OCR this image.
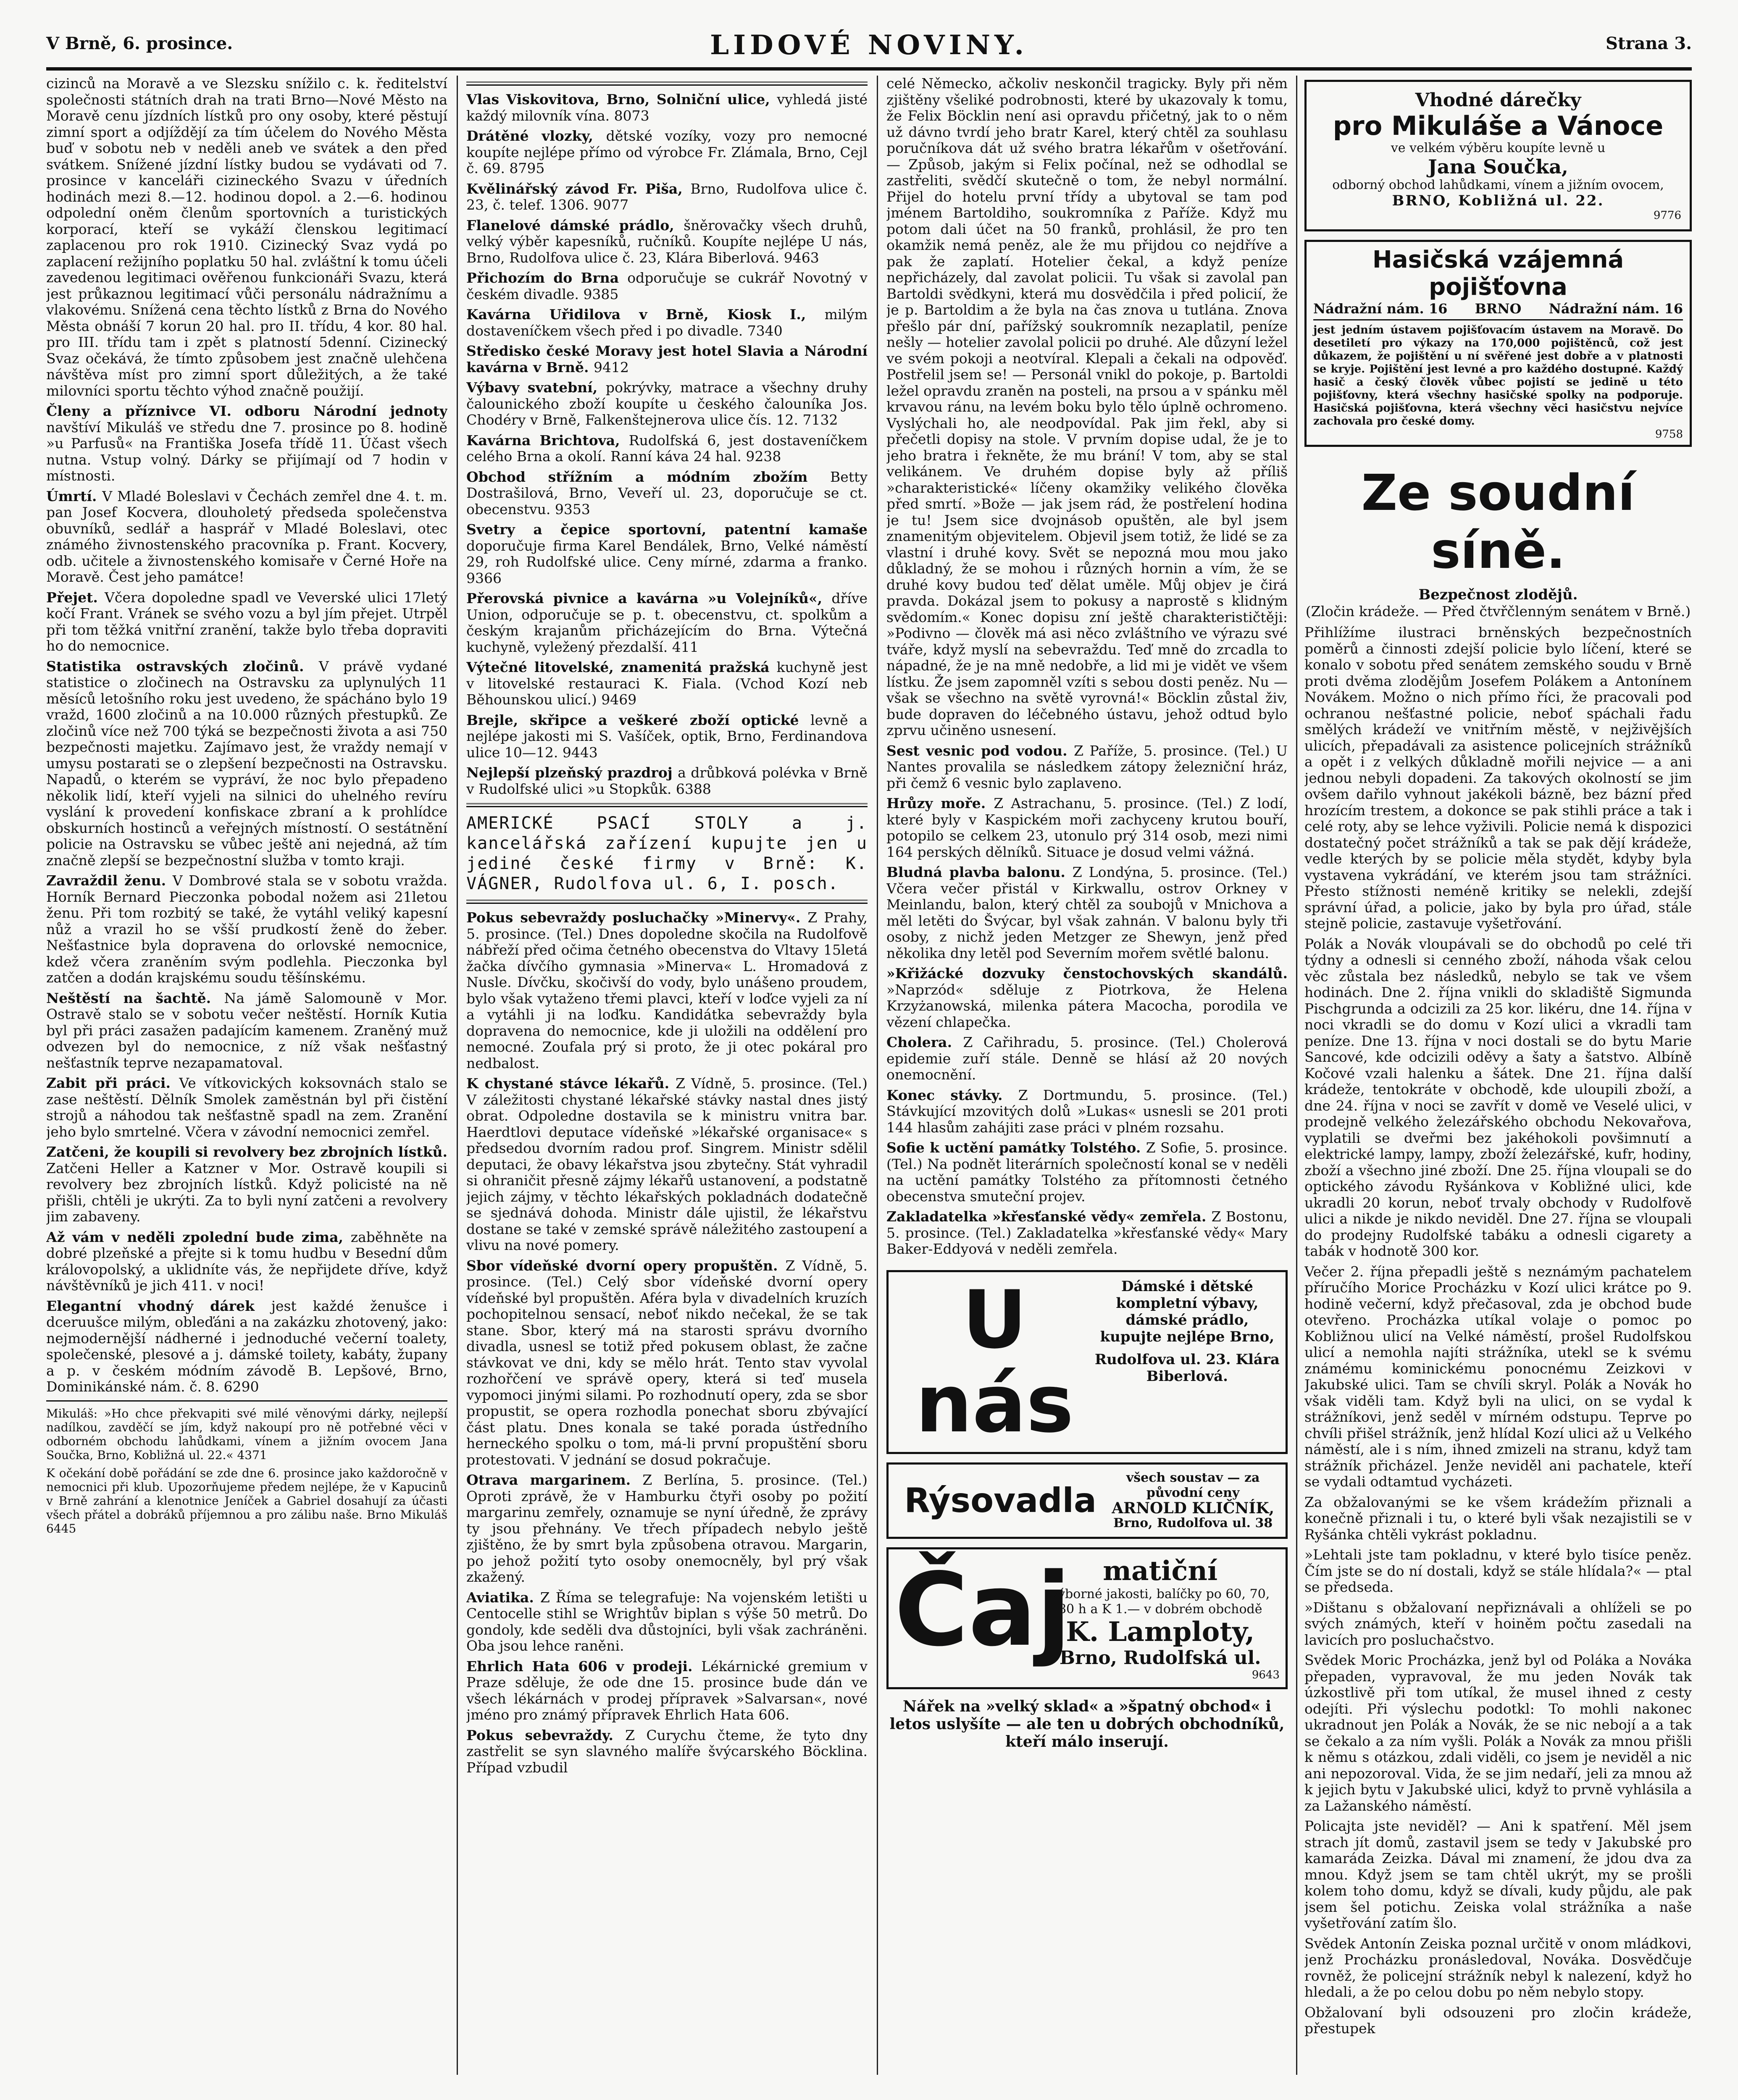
V Brně, 6. prosince.	LIDOVÉ NOVINY.	Strana 3.

cizinců na Moravě a ve Slezsku snížilo c. k. ředitelství společnosti státních drah na trati Brno—Nové Město na Moravě cenu jízdních lístků pro ony osoby, které pěstují zimní sport a odjíždějí za tím účelem do Nového Města buď v sobotu neb v neděli aneb ve svátek a den před svátkem. Snížené jízdní lístky budou se vydávati od 7. prosince v kanceláři cizineckého Svazu v úředních hodinách mezi 8.—12. hodinou dopol. a 2.—6. hodinou odpolední oněm členům sportovních a turistických korporací, kteří se vykáží členskou legitimací zaplacenou pro rok 1910. Cizinecký Svaz vydá po zaplacení režijního poplatku 50 hal. zvláštní k tomu účeli zavedenou legitimaci ověřenou funkcionáři Svazu, která jest průkaznou legitimací vůči personálu nádražnímu a vlakovému. Snížená cena těchto lístků z Brna do Nového Města obnáší 7 korun 20 hal. pro II. třídu, 4 kor. 80 hal. pro III. třídu tam i zpět s platností 5denní. Cizinecký Svaz očekává, že tímto způsobem jest značně ulehčena návštěva míst pro zimní sport důležitých, a že také milovníci sportu těchto výhod značně použijí.

Členy a příznivce VI. odboru Národní jednoty navštíví Mikuláš ve středu dne 7. prosince po 8. hodině »u Parfusů« na Františka Josefa třídě 11. Účast všech nutna. Vstup volný. Dárky se přijímají od 7 hodin v místnosti.

Úmrtí. V Mladé Boleslavi v Čechách zemřel dne 4. t. m. pan Josef Kocvera, dlouholetý předseda společenstva obuvníků, sedlář a hasprář v Mladé Boleslavi, otec známého živnostenského pracovníka p. Frant. Kocvery, odb. učitele a živnostenského komisaře v Černé Hoře na Moravě. Čest jeho památce!

Přejet. Včera dopoledne spadl ve Veverské ulici 17letý kočí Frant. Vránek se svého vozu a byl jím přejet. Utrpěl při tom těžká vnitřní zranění, takže bylo třeba dopraviti ho do nemocnice.

Statistika ostravských zločinů. V právě vydané statistice o zločinech na Ostravsku za uplynulých 11 měsíců letošního roku jest uvedeno, že spácháno bylo 19 vražd, 1600 zločinů a na 10.000 různých přestupků. Ze zločinů více než 700 týká se bezpečnosti života a asi 750 bezpečnosti majetku. Zajímavo jest, že vraždy nemají v umysu postarati se o zlepšení bezpečnosti na Ostravsku. Napadů, o kterém se vypráví, že noc bylo přepadeno několik lidí, kteří vyjeli na silnici do uhelného revíru vyslání k provedení konfiskace zbraní a k prohlídce obskurních hostinců a veřejných místností. O sestátnění policie na Ostravsku se vůbec ještě ani nejedná, až tím značně zlepší se bezpečnostní služba v tomto kraji.

Zavraždil ženu. V Dombrové stala se v sobotu vražda. Horník Bernard Pieczonka pobodal nožem asi 21letou ženu. Při tom rozbitý se také, že vytáhl veliký kapesní nůž a vrazil ho se všší prudkostí ženě do žeber. Nešťastnice byla dopravena do orlovské nemocnice, kdež včera zraněním svým podlehla. Pieczonka byl zatčen a dodán krajskému soudu těšínskému.

Neštěstí na šachtě. Na jámě Salomouně v Mor. Ostravě stalo se v sobotu večer neštěstí. Horník Kutia byl při práci zasažen padajícím kamenem. Zraněný muž odvezen byl do nemocnice, z níž však nešťastný nešťastník teprve nezapamatoval.

Zabit při práci. Ve vítkovických koksovnách stalo se zase neštěstí. Dělník Smolek zaměstnán byl při čistění strojů a náhodou tak nešťastně spadl na zem. Zranění jeho bylo smrtelné. Včera v závodní nemocnici zemřel.

Zatčeni, že koupili si revolvery bez zbrojních lístků. Zatčeni Heller a Katzner v Mor. Ostravě koupili si revolvery bez zbrojních lístků. Když policisté na ně přišli, chtěli je ukrýti. Za to byli nyní zatčeni a revolvery jim zabaveny.

Až vám v neděli zpolední bude zima, zaběhněte na dobré plzeňské a přejte si k tomu hudbu v Besední dům královopolský, a uklidníte vás, že nepřijdete dříve, když návštěvníků je jich 411. v noci!

Elegantní vhodný dárek jest každé ženušce i dceruušce milým, obleďáni a na zakázku zhotovený, jako: nejmodernější nádherné i jednoduché večerní toalety, společenské, plesové a j. dámské toilety, kabáty, župany a p. v českém módním závodě B. Lepšové, Brno, Dominikánské nám. č. 8. 6290

Mikuláš: »Ho chce překvapiti své milé věnovými dárky, nejlepší nadílkou, zavděčí se jím, když nakoupí pro ně potřebné věci v odborném obchodu lahůdkami, vínem a jižním ovocem Jana Součka, Brno, Kobližná ul. 22.« 4371

K očekání době pořádání se zde dne 6. prosince jako každoročně v nemocnici při klub. Upozorňujeme předem nejlépe, že v Kapucinů v Brně zahrání a klenotnice Jeníček a Gabriel dosahují za účasti všech přátel a dobráků příjemnou a pro zálibu naše. Brno Mikuláš 6445

Vlas Viskovitova, Brno, Solniční ulice, vyhledá jisté každý milovník vína. 8073

Drátěné vlozky, dětské vozíky, vozy pro nemocné koupíte nejlépe přímo od výrobce Fr. Zlámala, Brno, Cejl č. 69. 8795

Kvělinářský závod Fr. Piša, Brno, Rudolfova ulice č. 23, č. telef. 1306. 9077

Flanelové dámské prádlo, šněrovačky všech druhů, velký výběr kapesníků, ručníků. Koupíte nejlépe U nás, Brno, Rudolfova ulice č. 23, Klára Biberlová. 9463

Přichozím do Brna odporučuje se cukrář Novotný v českém divadle. 9385

Kavárna Uřidilova v Brně, Kiosk I., milým dostaveníčkem všech před i po divadle. 7340

Středisko české Moravy jest hotel Slavia a Národní kavárna v Brně. 9412

Výbavy svatební, pokrývky, matrace a všechny druhy čalounického zboží koupíte u českého čalouníka Jos. Chodéry v Brně, Falkenštejnerova ulice čís. 12. 7132

Kavárna Brichtova, Rudolfská 6, jest dostaveníčkem celého Brna a okolí. Ranní káva 24 hal. 9238

Obchod střížním a módním zbožím Betty Dostrašilová, Brno, Veveří ul. 23, doporučuje se ct. obecenstvu. 9353

Svetry a čepice sportovní, patentní kamaše doporučuje firma Karel Bendálek, Brno, Velké náměstí 29, roh Rudolfské ulice. Ceny mírné, zdarma a franko. 9366

Přerovská pivnice a kavárna »u Volejníků«, dříve Union, odporučuje se p. t. obecenstvu, ct. spolkům a českým krajanům přicházejícím do Brna. Výtečná kuchyně, vyležený přezdalší. 411

Výtečné litovelské, znamenitá pražská kuchyně jest v litovelské restauraci K. Fiala. (Vchod Kozí neb Běhounskou ulicí.) 9469

Brejle, skřipce a veškeré zboží optické levně a nejlépe jakosti mi S. Vašíček, optik, Brno, Ferdinandova ulice 10—12. 9443

Nejlepší plzeňský prazdroj a drůbková polévka v Brně v Rudolfské ulici »u Stopkůk. 6388

AMERICKÉ PSACÍ STOLY a j. kancelářská zařízení kupujte jen u jediné české firmy v Brně: K. VÁGNER, Rudolfova ul. 6, I. posch.

Pokus sebevraždy posluchačky »Minervy«. Z Prahy, 5. prosince. (Tel.) Dnes dopoledne skočila na Rudolfově nábřeží před očima četného obecenstva do Vltavy 15letá žačka dívčího gymnasia »Minerva« L. Hromadová z Nusle. Dívčku, skočivší do vody, bylo unášeno proudem, bylo však vytaženo třemi plavci, kteří v loďce vyjeli za ní a vytáhli ji na loďku. Kandidátka sebevraždy byla dopravena do nemocnice, kde ji uložili na oddělení pro nemocné. Zoufala prý si proto, že ji otec pokáral pro nedbalost.

K chystané stávce lékařů. Z Vídně, 5. prosince. (Tel.) V záležitosti chystané lékařské stávky nastal dnes jistý obrat. Odpoledne dostavila se k ministru vnitra bar. Haerdtlovi deputace vídeňské »lékařské organisace« s předsedou dvorním radou prof. Singrem. Ministr sdělil deputaci, že obavy lékařstva jsou zbytečny. Stát vyhradil si ohraničit přesně zájmy lékařů ustanovení, a podstatně jejich zájmy, v těchto lékařských pokladnách dodatečně se sjednává dohoda. Ministr dále ujistil, že lékařstvu dostane se také v zemské správě náležitého zastoupení a vlivu na nové pomery.

Sbor vídeňské dvorní opery propuštěn. Z Vídně, 5. prosince. (Tel.) Celý sbor vídeňské dvorní opery vídeňské byl propuštěn. Aféra byla v divadelních kruzích pochopitelnou sensací, neboť nikdo nečekal, že se tak stane. Sbor, který má na starosti správu dvorního divadla, usnesl se totiž před pokusem oblast, že začne stávkovat ve dni, kdy se mělo hrát. Tento stav vyvolal rozhořčení ve správě opery, která si teď musela vypomoci jinými silami. Po rozhodnutí opery, zda se sbor propustit, se opera rozhodla ponechat sboru zbývající část platu. Dnes konala se také porada ústředního herneckého spolku o tom, má-li první propuštění sboru protestovati. V jednání se dosud pokračuje.

Otrava margarinem. Z Berlína, 5. prosince. (Tel.) Oproti zprávě, že v Hamburku čtyři osoby po požití margarinu zemřely, oznamuje se nyní úředně, že zprávy ty jsou přehnány. Ve třech případech nebylo ještě zjištěno, že by smrt byla způsobena otravou. Margarin, po jehož požití tyto osoby onemocněly, byl prý však zkažený.

Aviatika. Z Říma se telegrafuje: Na vojenském letišti u Centocelle stihl se Wrightův biplan s výše 50 metrů. Do gondoly, kde seděli dva důstojníci, byli však zachráněni. Oba jsou lehce raněni.

Ehrlich Hata 606 v prodeji. Lékárnické gremium v Praze sděluje, že ode dne 15. prosince bude dán ve všech lékárnách v prodej přípravek »Salvarsan«, nové jméno pro známý přípravek Ehrlich Hata 606.

Pokus sebevraždy. Z Curychu čteme, že tyto dny zastřelit se syn slavného malíře švýcarského Böcklina. Případ vzbudil

celé Německo, ačkoliv neskončil tragicky. Byly při něm zjištěny všeliké podrobnosti, které by ukazovaly k tomu, že Felix Böcklin není asi opravdu přičetný, jak to o něm už dávno tvrdí jeho bratr Karel, který chtěl za souhlasu poručníkova dát už svého bratra lékařům v ošetřování. — Způsob, jakým si Felix počínal, než se odhodlal se zastřeliti, svědčí skutečně o tom, že nebyl normální. Přijel do hotelu první třídy a ubytoval se tam pod jménem Bartoldiho, soukromníka z Paříže. Když mu potom dali účet na 50 franků, prohlásil, že pro ten okamžik nemá peněz, ale že mu přijdou co nejdříve a pak že zaplatí. Hotelier čekal, a když peníze nepřicházely, dal zavolat policii. Tu však si zavolal pan Bartoldi svědkyni, která mu dosvědčila i před policií, že je p. Bartoldim a že byla na čas znova u tutlána. Znova přešlo pár dní, pařížský soukromník nezaplatil, peníze nešly — hotelier zavolal policii po druhé. Ale důzyní ležel ve svém pokoji a neotvíral. Klepali a čekali na odpověď. Postřelil jsem se! — Personál vnikl do pokoje, p. Bartoldi ležel opravdu zraněn na posteli, na prsou a v spánku měl krvavou ránu, na levém boku bylo tělo úplně ochromeno. Vyslýchali ho, ale neodpovídal. Pak jim řekl, aby si přečetli dopisy na stole. V prvním dopise udal, že je to jeho bratra i řekněte, že mu brání! V tom, aby se stal velikánem. Ve druhém dopise byly až příliš »charakteristické« líčeny okamžiky velikého člověka před smrtí. »Bože — jak jsem rád, že postřelení hodina je tu! Jsem sice dvojnásob opuštěn, ale byl jsem znamenitým objevitelem. Objevil jsem totiž, že lidé se za vlastní i druhé kovy. Svět se nepozná mou mou jako důkladný, že se mohou i různých hornin a vím, že se druhé kovy budou teď dělat uměle. Můj objev je čirá pravda. Dokázal jsem to pokusy a naprostě s klidným svědomím.« Konec dopisu zní ještě charakterističtěji: »Podivno — člověk má asi něco zvláštního ve výrazu své tváře, když myslí na sebevraždu. Teď mně do zrcadla to nápadné, že je na mně nedobře, a lid mi je vidět ve všem lístku. Že jsem zapomněl vzíti s sebou dosti peněz. Nu — však se všechno na světě vyrovná!« Böcklin zůstal živ, bude dopraven do léčebného ústavu, jehož odtud bylo zprvu učiněno usnesení.

Sest vesnic pod vodou. Z Paříže, 5. prosince. (Tel.) U Nantes provalila se následkem zátopy železniční hráz, při čemž 6 vesnic bylo zaplaveno.

Hrůzy moře. Z Astrachanu, 5. prosince. (Tel.) Z lodí, které byly v Kaspickém moři zachyceny krutou bouří, potopilo se celkem 23, utonulo prý 314 osob, mezi nimi 164 perských dělníků. Situace je dosud velmi vážná.

Bludná plavba balonu. Z Londýna, 5. prosince. (Tel.) Včera večer přistál v Kirkwallu, ostrov Orkney v Meinlandu, balon, který chtěl za soubojů v Mnichova a měl letěti do Švýcar, byl však zahnán. V balonu byly tři osoby, z nichž jeden Metzger ze Shewyn, jenž před několika dny letěl pod Severním mořem světlé balonu.

»Křižácké dozvuky čenstochovských skandálů. »Naprzód« sděluje z Piotrkova, že Helena Krzyżanowská, milenka pátera Macocha, porodila ve vězení chlapečka.

Cholera. Z Cařihradu, 5. prosince. (Tel.) Cholerová epidemie zuří stále. Denně se hlásí až 20 nových onemocnění.

Konec stávky. Z Dortmundu, 5. prosince. (Tel.) Stávkující mzovitých dolů »Lukas« usnesli se 201 proti 144 hlasům zahájiti zase práci v plném rozsahu.

Sofie k uctění památky Tolstého. Z Sofie, 5. prosince. (Tel.) Na podnět literárních společností konal se v neděli na uctění památky Tolstého za přítomnosti četného obecenstva smuteční projev.

Zakladatelka »křesťanské vědy« zemřela. Z Bostonu, 5. prosince. (Tel.) Zakladatelka »křesťanské vědy« Mary Baker-Eddyová v neděli zemřela.

U nás
Dámské i dětské kompletní výbavy, dámské prádlo, kupujte nejlépe Brno,
Rudolfova ul. 23. Klára Biberlová.
Rýsovadla
všech soustav — za původní ceny
ARNOLD KLIČNÍK,
Brno, Rudolfova ul. 38
Čaj	matiční
výborné jakosti, balíčky po 60, 70, 80 h a K 1.— v dobrém obchodě
K. Lamploty,
Brno, Rudolfská ul.
9643
Nářek na »velký sklad« a »špatný obchod« i letos uslyšíte — ale ten u dobrých obchodníků, kteří málo inserují.
Vhodné dárečky
pro Mikuláše a Vánoce
ve velkém výběru koupíte levně u
Jana Součka,
odborný obchod lahůdkami, vínem a jižním ovocem,
BRNO, Kobližná ul. 22.
9776
Hasičská vzájemná pojišťovna
Nádražní nám. 16 BRNO Nádražní nám. 16
jest jedním ústavem pojišťovacím ústavem na Moravě. Do desetiletí pro výkazy na 170,000 pojištěnců, což jest důkazem, že pojištění u ní svěřené jest dobře a v platnosti se kryje. Pojištění jest levné a pro každého dostupné. Každý hasič a český člověk vůbec pojistí se jedině u této pojišťovny, která všechny hasičské spolky na podporuje. Hasičská pojišťovna, která všechny věci hasičstvu nejvíce zachovala pro české domy.
9758
Ze soudní síně.
Bezpečnost zlodějů.
(Zločin krádeže. — Před čtvřčlenným senátem v Brně.)

Přihlížíme ilustraci brněnských bezpečnostních poměrů a činnosti zdejší policie bylo líčení, které se konalo v sobotu před senátem zemského soudu v Brně proti dvěma zlodějům Josefem Polákem a Antonínem Novákem. Možno o nich přímo říci, že pracovali pod ochranou nešťastné policie, neboť spáchali řadu smělých krádeží ve vnitřním městě, v nejživějších ulicích, přepadávali za asistence policejních strážníků a opět i z velkých důkladně mořili nejvice — a ani jednou nebyli dopadeni. Za takových okolností se jim ovšem dařilo vyhnout jakékoli bázně, bez bázní před hrozícím trestem, a dokonce se pak stihli práce a tak i celé roty, aby se lehce vyživili. Policie nemá k dispozici dostatečný počet strážníků a tak se pak dějí krádeže, vedle kterých by se policie měla stydět, kdyby byla vystavena vykrádání, ve kterém jsou tam strážníci. Přesto stížnosti neméně kritiky se nelekli, zdejší správní úřad, a policie, jako by byla pro úřad, stále stejně policie, zastavuje vyšetřování.

Polák a Novák vloupávali se do obchodů po celé tři týdny a odnesli si cenného zboží, náhoda však celou věc zůstala bez následků, nebylo se tak ve všem hodinách. Dne 2. října vnikli do skladiště Sigmunda Pischgrunda a odcizili za 25 kor. likéru, dne 14. října v noci vkradli se do domu v Kozí ulici a vkradli tam peníze. Dne 13. října v noci dostali se do bytu Marie Sancové, kde odcizili oděvy a šaty a šatstvo. Albíně Kočové vzali halenku a šátek. Dne 21. října další krádeže, tentokráte v obchodě, kde uloupili zboží, a dne 24. října v noci se zavřít v domě ve Veselé ulici, v prodejně velkého železářského obchodu Nekovařova, vyplatili se dveřmi bez jakéhokoli povšimnutí a elektrické lampy, lampy, zboží železářské, kufr, hodiny, zboží a všechno jiné zboží. Dne 25. října vloupali se do optického závodu Ryšánkova v Kobližné ulici, kde ukradli 20 korun, neboť trvaly obchody v Rudolfově ulici a nikde je nikdo neviděl. Dne 27. října se vloupali do prodejny Rudolfské tabáku a odnesli cigarety a tabák v hodnotě 300 kor.

Večer 2. října přepadli ještě s neznámým pachatelem příručího Morice Procházku v Kozí ulici krátce po 9. hodině večerní, když přečasoval, zda je obchod bude otevřeno. Procházka utíkal volaje o pomoc po Kobližnou ulicí na Velké náměstí, prošel Rudolfskou ulicí a nemohla najíti strážníka, utekl se k svému známému kominickému ponocnému Zeizkovi v Jakubské ulici. Tam se chvíli skryl. Polák a Novák ho však viděli tam. Když byli na ulici, on se vydal k strážníkovi, jenž seděl v mírném odstupu. Teprve po chvíli přišel strážník, jenž hlídal Kozí ulici až u Velkého náměstí, ale i s ním, ihned zmizeli na stranu, když tam strážník přicházel. Jenže neviděl ani pachatele, kteří se vydali odtamtud vycházeti.

Za obžalovanými se ke všem krádežím přiznali a konečně přiznali i tu, o které byli však nezajistili se v Ryšánka chtěli vykrást pokladnu.

»Lehtali jste tam pokladnu, v které bylo tisíce peněz. Čím jste se do ní dostali, když se stále hlídala?« — ptal se předseda.

»Dištanu s obžalovaní nepřiznávali a ohlíželi se po svých známých, kteří v hoiněm počtu zasedali na lavicích pro posluchačstvo.

Svědek Moric Procházka, jenž byl od Poláka a Nováka přepaden, vypravoval, že mu jeden Novák tak úzkostlivě při tom utíkal, že musel ihned z cesty odejíti. Při výslechu podotkl: To mohli nakonec ukradnout jen Polák a Novák, že se nic nebojí a a tak se čekalo a za ním vyšli. Polák a Novák za mnou přišli k němu s otázkou, zdali viděli, co jsem je neviděl a nic ani nepozoroval. Vida, že se jim nedaří, jeli za mnou až k jejich bytu v Jakubské ulici, když to prvně vyhlásila a za Lažanského náměstí.

Policajta jste neviděl? — Ani k spatření. Měl jsem strach jít domů, zastavil jsem se tedy v Jakubské pro kamaráda Zeizka. Dával mi znamení, že jdou dva za mnou. Když jsem se tam chtěl ukrýt, my se prošli kolem toho domu, když se dívali, kudy půjdu, ale pak jsem šel potichu. Zeiska volal strážníka a naše vyšetřování zatím šlo.

Svědek Antonín Zeiska poznal určitě v onom mládkovi, jenž Procházku pronásledoval, Nováka. Dosvědčuje rovněž, že policejní strážník nebyl k nalezení, když ho hledali, a že po celou dobu po něm nebylo stopy.

Obžalovaní byli odsouzeni pro zločin krádeže, přestupek
